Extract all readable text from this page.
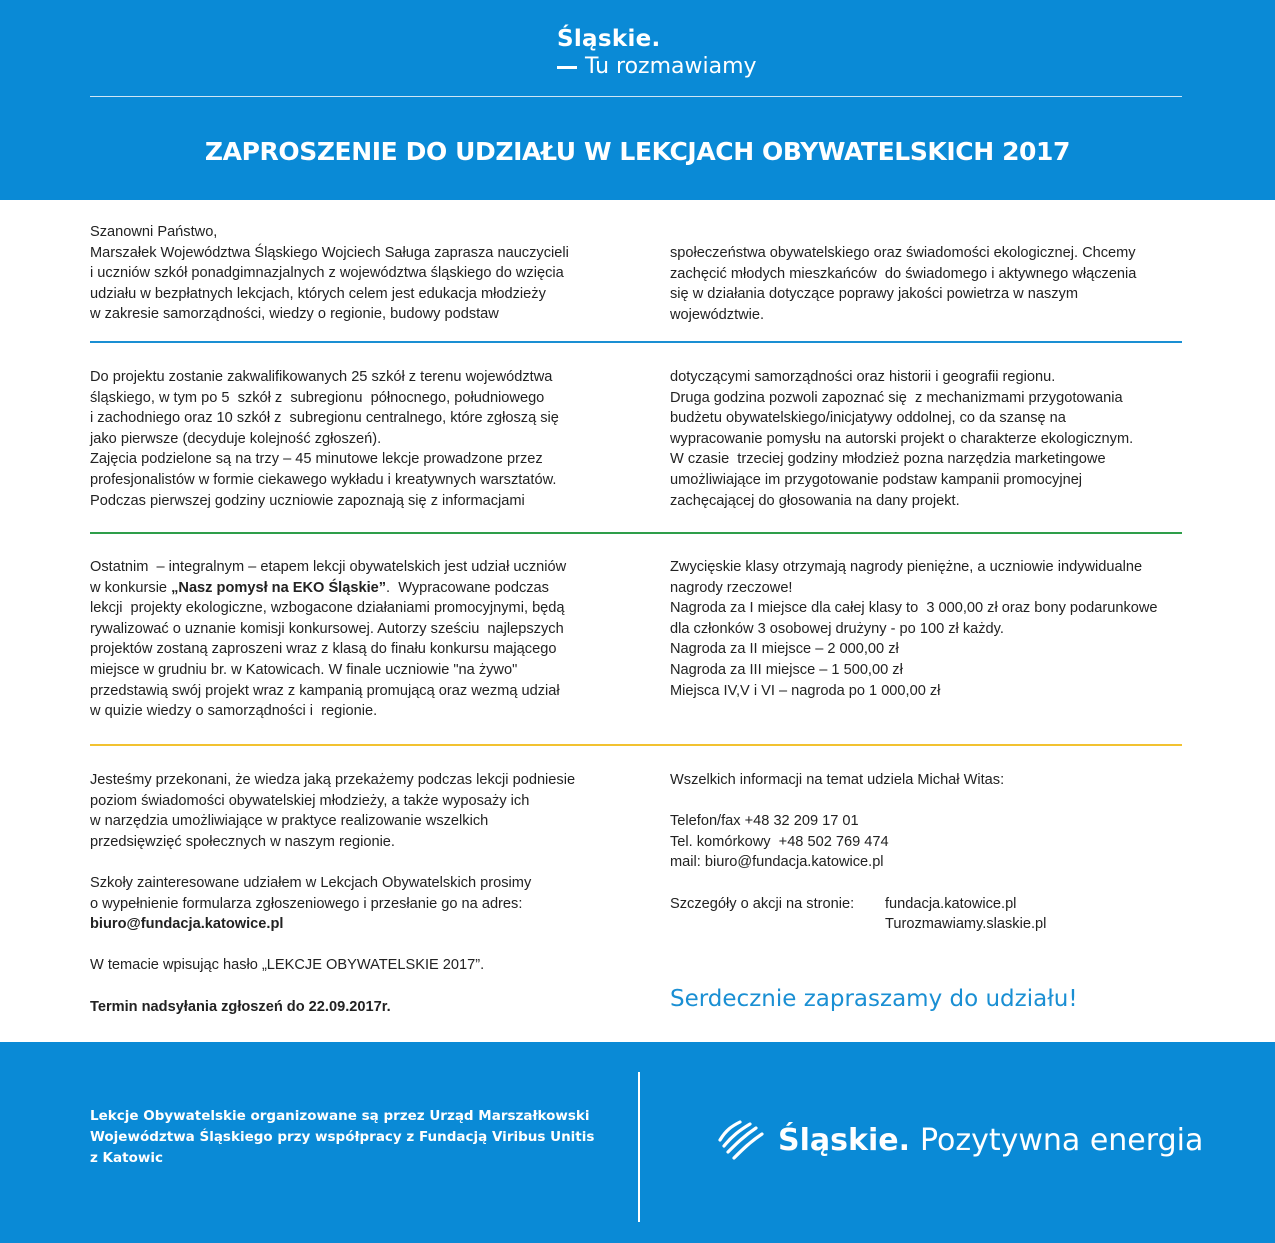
Śląskie.
Tu rozmawiamy
ZAPROSZENIE DO UDZIAŁU W LEKCJACH OBYWATELSKICH 2017

Szanowni Państwo,

Marszałek Województwa Śląskiego Wojciech Saługa zaprasza nauczycieli

i uczniów szkół ponadgimnazjalnych z województwa śląskiego do wzięcia

udziału w bezpłatnych lekcjach, których celem jest edukacja młodzieży

w zakresie samorządności, wiedzy o regionie, budowy podstaw

społeczeństwa obywatelskiego oraz świadomości ekologicznej. Chcemy

zachęcić młodych mieszkańców  do świadomego i aktywnego włączenia

się w działania dotyczące poprawy jakości powietrza w naszym

województwie.

Do projektu zostanie zakwalifikowanych 25 szkół z terenu województwa

śląskiego, w tym po 5  szkół z  subregionu  północnego, południowego

i zachodniego oraz 10 szkół z  subregionu centralnego, które zgłoszą się

jako pierwsze (decyduje kolejność zgłoszeń).

Zajęcia podzielone są na trzy – 45 minutowe lekcje prowadzone przez

profesjonalistów w formie ciekawego wykładu i kreatywnych warsztatów.

Podczas pierwszej godziny uczniowie zapoznają się z informacjami

dotyczącymi samorządności oraz historii i geografii regionu.

Druga godzina pozwoli zapoznać się  z mechanizmami przygotowania

budżetu obywatelskiego/inicjatywy oddolnej, co da szansę na

wypracowanie pomysłu na autorski projekt o charakterze ekologicznym.

W czasie  trzeciej godziny młodzież pozna narzędzia marketingowe

umożliwiające im przygotowanie podstaw kampanii promocyjnej

zachęcającej do głosowania na dany projekt.

Ostatnim  – integralnym – etapem lekcji obywatelskich jest udział uczniów

w konkursie „Nasz pomysł na EKO Śląskie”.  Wypracowane podczas

lekcji  projekty ekologiczne, wzbogacone działaniami promocyjnymi, będą

rywalizować o uznanie komisji konkursowej. Autorzy sześciu  najlepszych

projektów zostaną zaproszeni wraz z klasą do finału konkursu mającego

miejsce w grudniu br. w Katowicach. W finale uczniowie "na żywo"

przedstawią swój projekt wraz z kampanią promującą oraz wezmą udział

w quizie wiedzy o samorządności i  regionie.

Zwycięskie klasy otrzymają nagrody pieniężne, a uczniowie indywidualne

nagrody rzeczowe!

Nagroda za I miejsce dla całej klasy to  3 000,00 zł oraz bony podarunkowe

dla członków 3 osobowej drużyny - po 100 zł każdy.

Nagroda za II miejsce – 2 000,00 zł

Nagroda za III miejsce – 1 500,00 zł

Miejsca IV,V i VI – nagroda po 1 000,00 zł

Jesteśmy przekonani, że wiedza jaką przekażemy podczas lekcji podniesie

poziom świadomości obywatelskiej młodzieży, a także wyposaży ich

w narzędzia umożliwiające w praktyce realizowanie wszelkich

przedsięwzięć społecznych w naszym regionie.

Szkoły zainteresowane udziałem w Lekcjach Obywatelskich prosimy

o wypełnienie formularza zgłoszeniowego i przesłanie go na adres:

biuro@fundacja.katowice.pl

W temacie wpisując hasło „LEKCJE OBYWATELSKIE 2017”.

Termin nadsyłania zgłoszeń do 22.09.2017r.

Wszelkich informacji na temat udziela Michał Witas:

Telefon/fax +48 32 209 17 01

Tel. komórkowy  +48 502 769 474

mail: biuro@fundacja.katowice.pl

Szczegóły o akcji na stronie: fundacja.katowice.pl

Turozmawiamy.slaskie.pl

Serdecznie zapraszamy do udziału!

Lekcje Obywatelskie organizowane są przez Urząd Marszałkowski

Województwa Śląskiego przy współpracy z Fundacją Viribus Unitis

z Katowic

Śląskie. Pozytywna energia
